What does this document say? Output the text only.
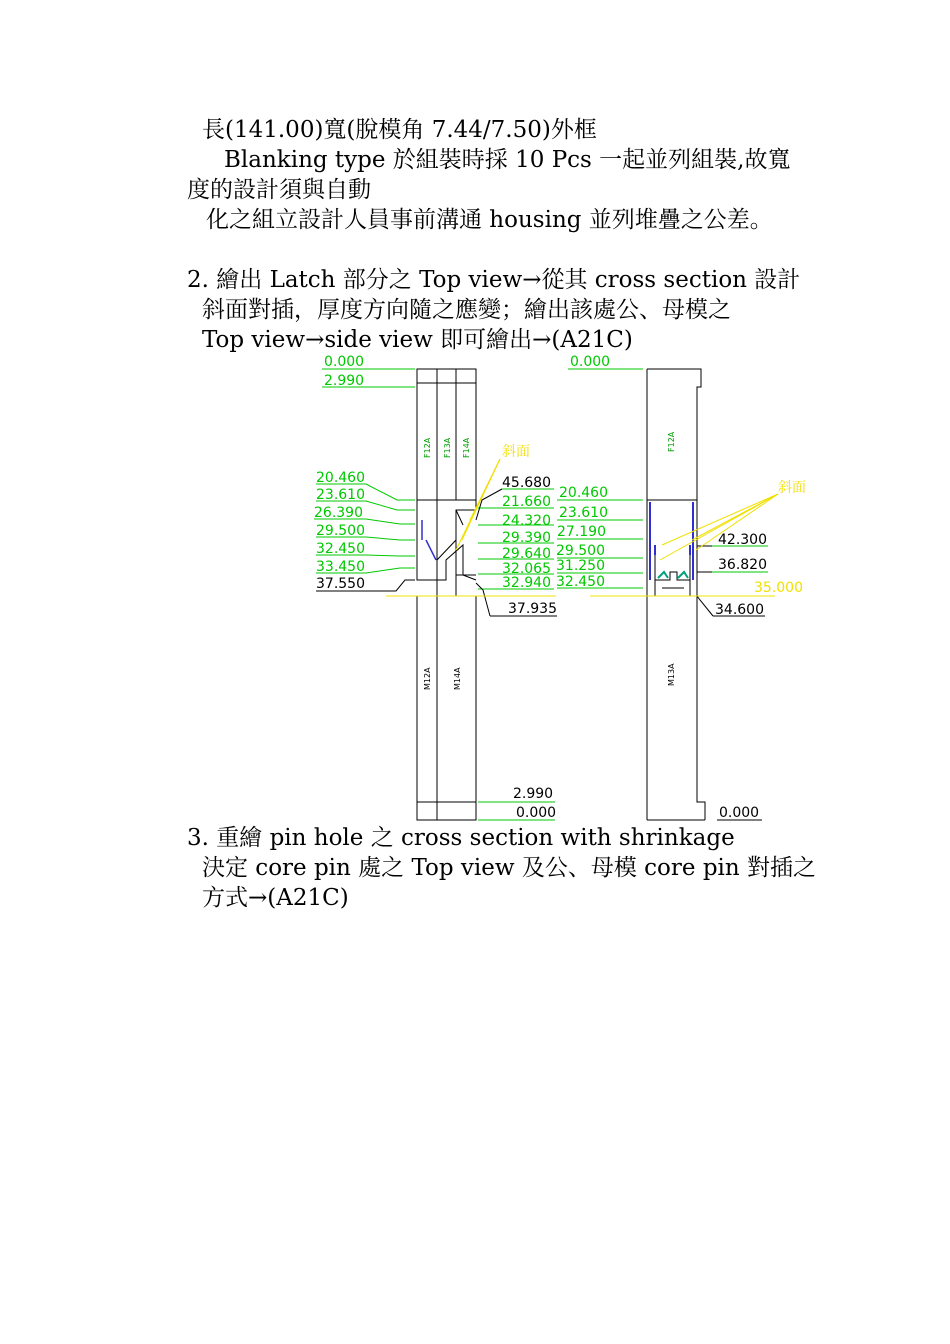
長(141.00)寬(脫模角 7.44/7.50)外框
Blanking type 於組裝時採 10 Pcs 一起並列組裝,故寬
度的設計須與自動
化之組立設計人員事前溝通 housing 並列堆疊之公差。
2. 繪出 Latch 部分之 Top view→從其 cross section 設計
斜面對插，厚度方向隨之應變；繪出該處公、母模之
Top view→side view 即可繪出→(A21C)
3. 重繪 pin hole 之 cross section with shrinkage
決定 core pin 處之 Top view 及公、母模 core pin 對插之
方式→(A21C)
F12A F13A F14A
M12A	M14A
0.000
2.990
20.460
23.610
26.390
29.500
32.450
33.450
37.550
斜面
45.680
21.660
24.320
29.390
29.640
32.065
32.940
37.935
2.990
0.000
F12A
M13A
0.000
20.460
23.610
27.190
29.500
31.250
32.450
斜面
42.300
36.820
35.000
34.600
0.000
